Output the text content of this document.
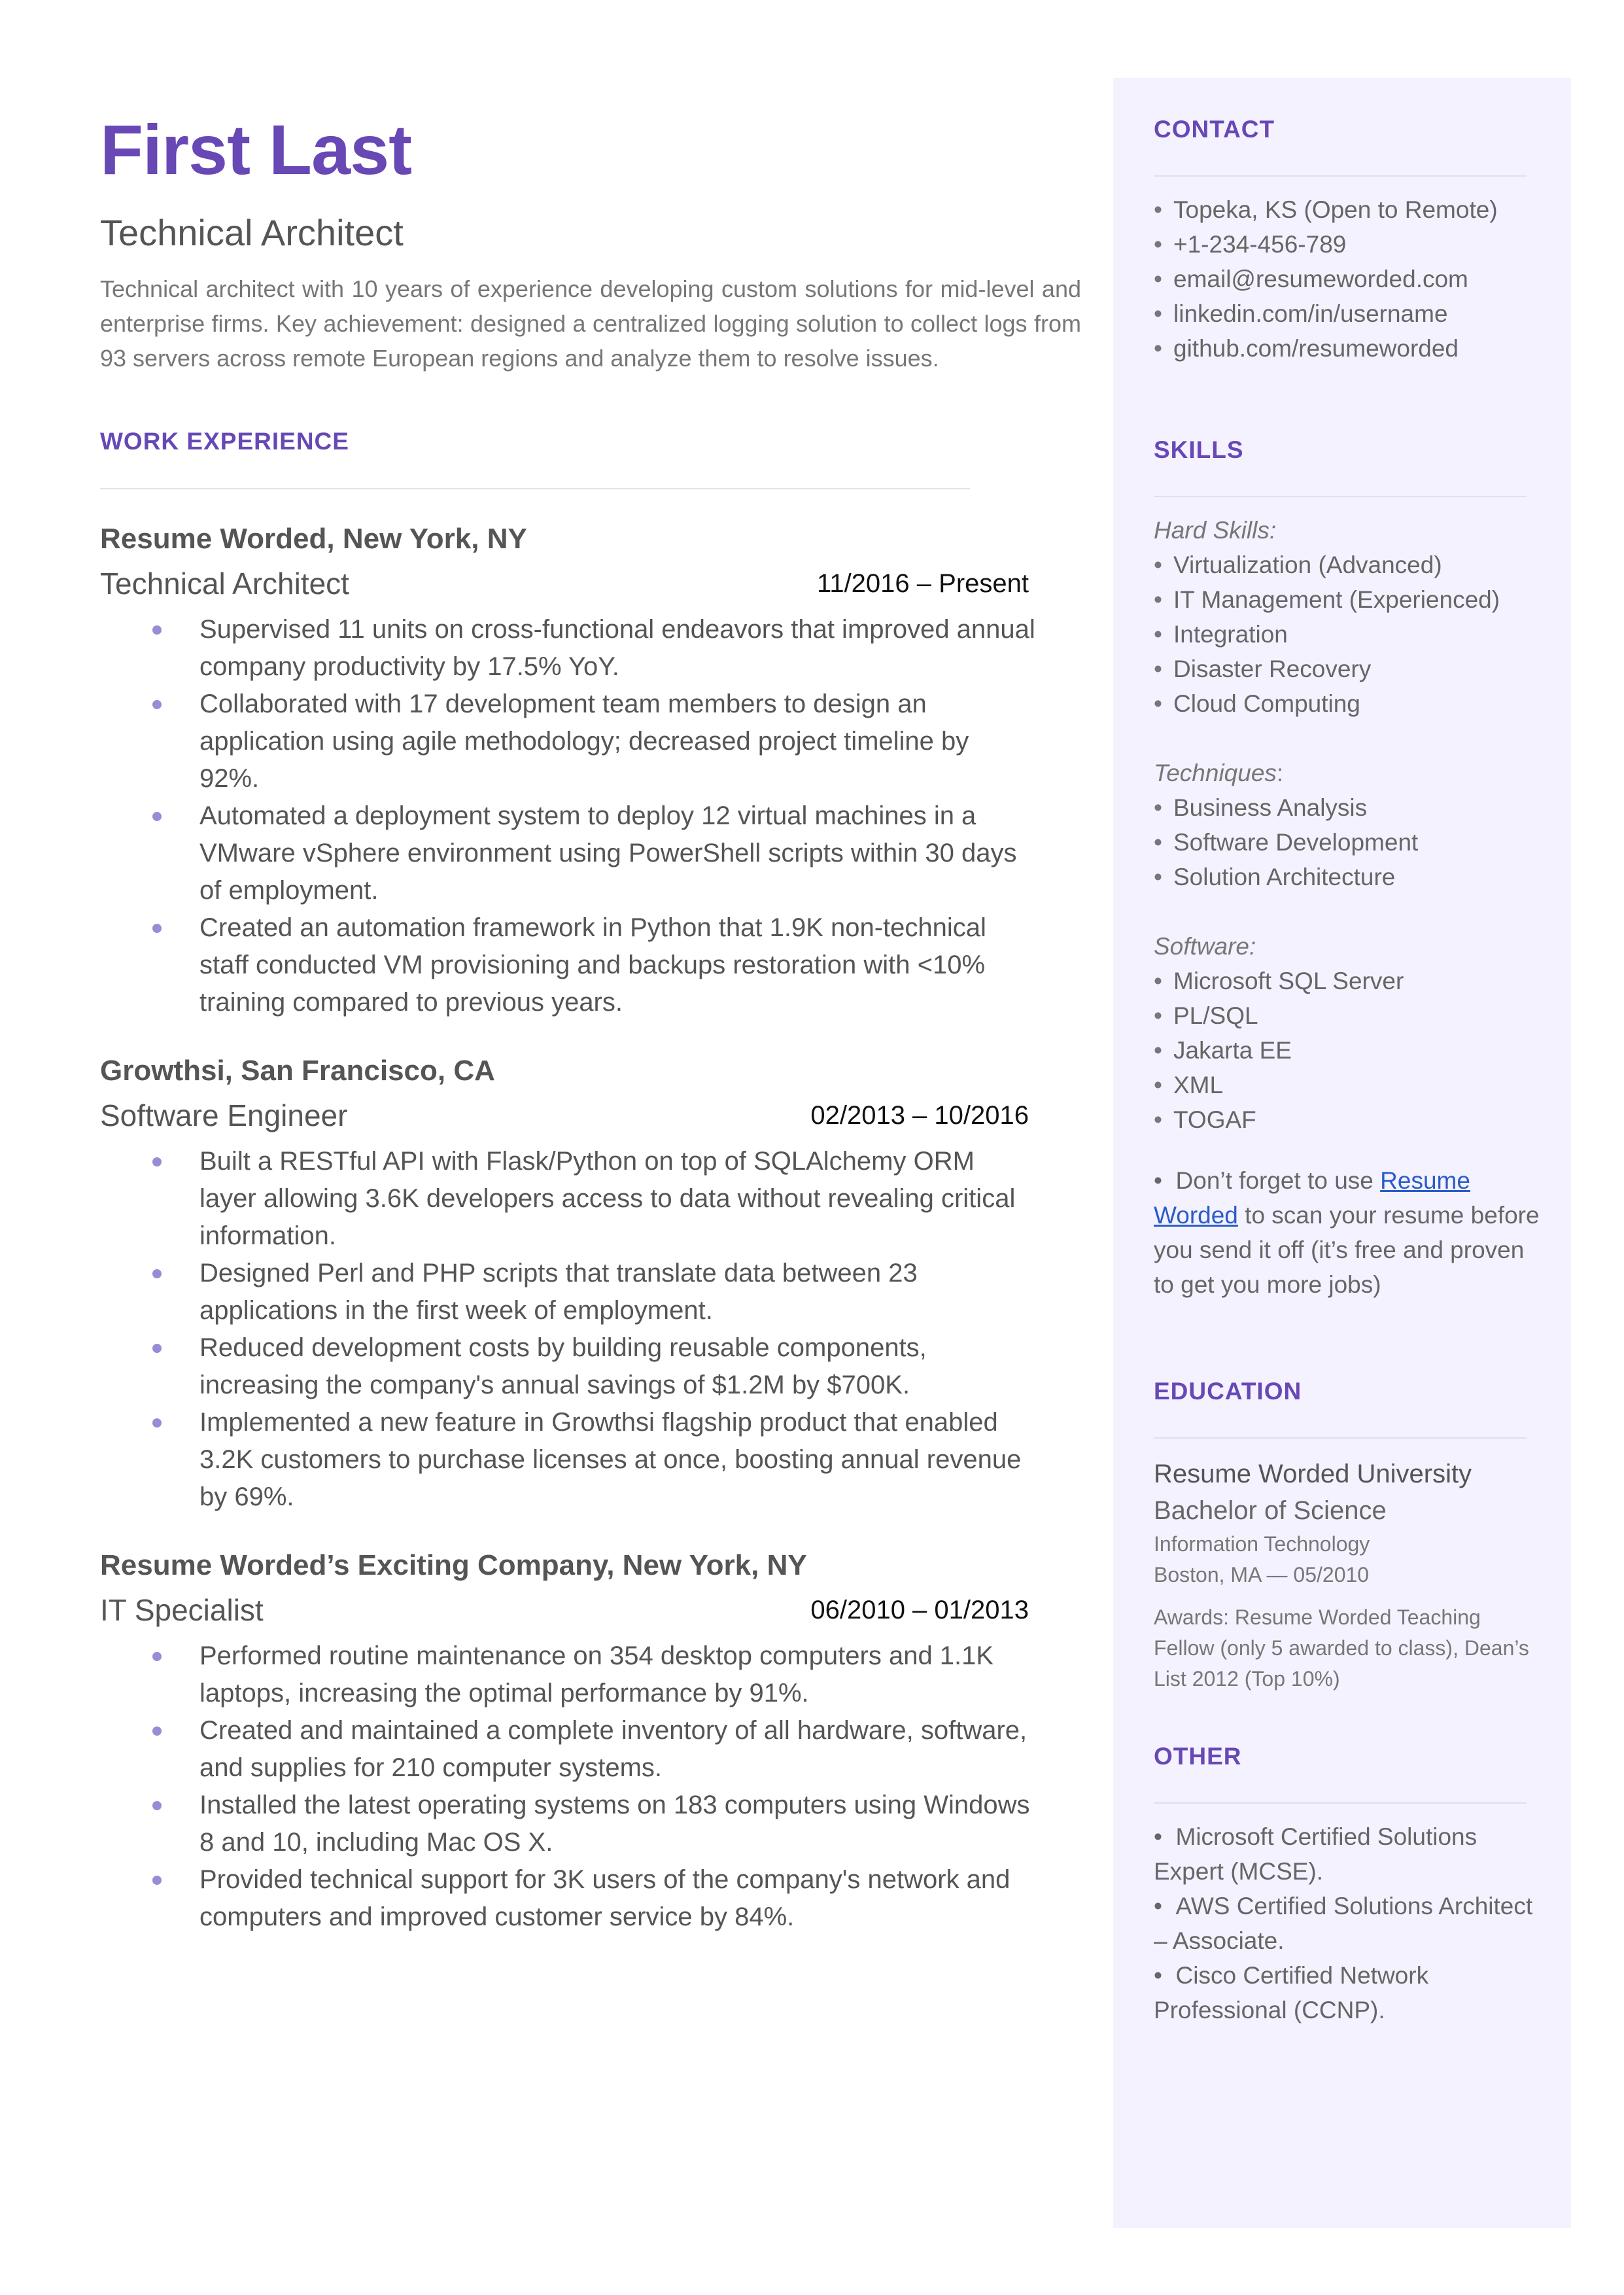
First Last
Technical Architect
Technical architect with 10 years of experience developing custom solutions for mid-level and enterprise firms. Key achievement: designed a centralized logging solution to collect logs from 93 servers across remote European regions and analyze them to resolve issues.
WORK EXPERIENCE
Resume Worded, New York, NY
Technical Architect	11/2016 – Present
Supervised 11 units on cross-functional endeavors that improved annual company productivity by 17.5% YoY.
Collaborated with 17 development team members to design an application using agile methodology; decreased project timeline by 92%.
Automated a deployment system to deploy 12 virtual machines in a VMware vSphere environment using PowerShell scripts within 30 days of employment.
Created an automation framework in Python that 1.9K non-technical staff conducted VM provisioning and backups restoration with <10% training compared to previous years.
Growthsi, San Francisco, CA
Software Engineer	02/2013 – 10/2016
Built a RESTful API with Flask/Python on top of SQLAlchemy ORM layer allowing 3.6K developers access to data without revealing critical information.
Designed Perl and PHP scripts that translate data between 23 applications in the first week of employment.
Reduced development costs by building reusable components, increasing the company's annual savings of $1.2M by $700K.
Implemented a new feature in Growthsi flagship product that enabled 3.2K customers to purchase licenses at once, boosting annual revenue by 69%.
Resume Worded’s Exciting Company, New York, NY
IT Specialist	06/2010 – 01/2013
Performed routine maintenance on 354 desktop computers and 1.1K laptops, increasing the optimal performance by 91%.
Created and maintained a complete inventory of all hardware, software, and supplies for 210 computer systems.
Installed the latest operating systems on 183 computers using Windows 8 and 10, including Mac OS X.
Provided technical support for 3K users of the company's network and computers and improved customer service by 84%.
CONTACT
• Topeka, KS (Open to Remote)
• +1-234-456-789
• email@resumeworded.com
• linkedin.com/in/username
• github.com/resumeworded
SKILLS
Hard Skills:
• Virtualization (Advanced)
• IT Management (Experienced)
• Integration
• Disaster Recovery
• Cloud Computing
Techniques:
• Business Analysis
• Software Development
• Solution Architecture
Software:
• Microsoft SQL Server
• PL/SQL
• Jakarta EE
• XML
• TOGAF
•  Don’t forget to use Resume Worded to scan your resume before you send it off (it’s free and proven to get you more jobs)
EDUCATION
Resume Worded University
Bachelor of Science
Information Technology
Boston, MA — 05/2010
Awards: Resume Worded Teaching Fellow (only 5 awarded to class), Dean’s List 2012 (Top 10%)
OTHER
•  Microsoft Certified Solutions Expert (MCSE).
•  AWS Certified Solutions Architect – Associate.
•  Cisco Certified Network Professional (CCNP).
